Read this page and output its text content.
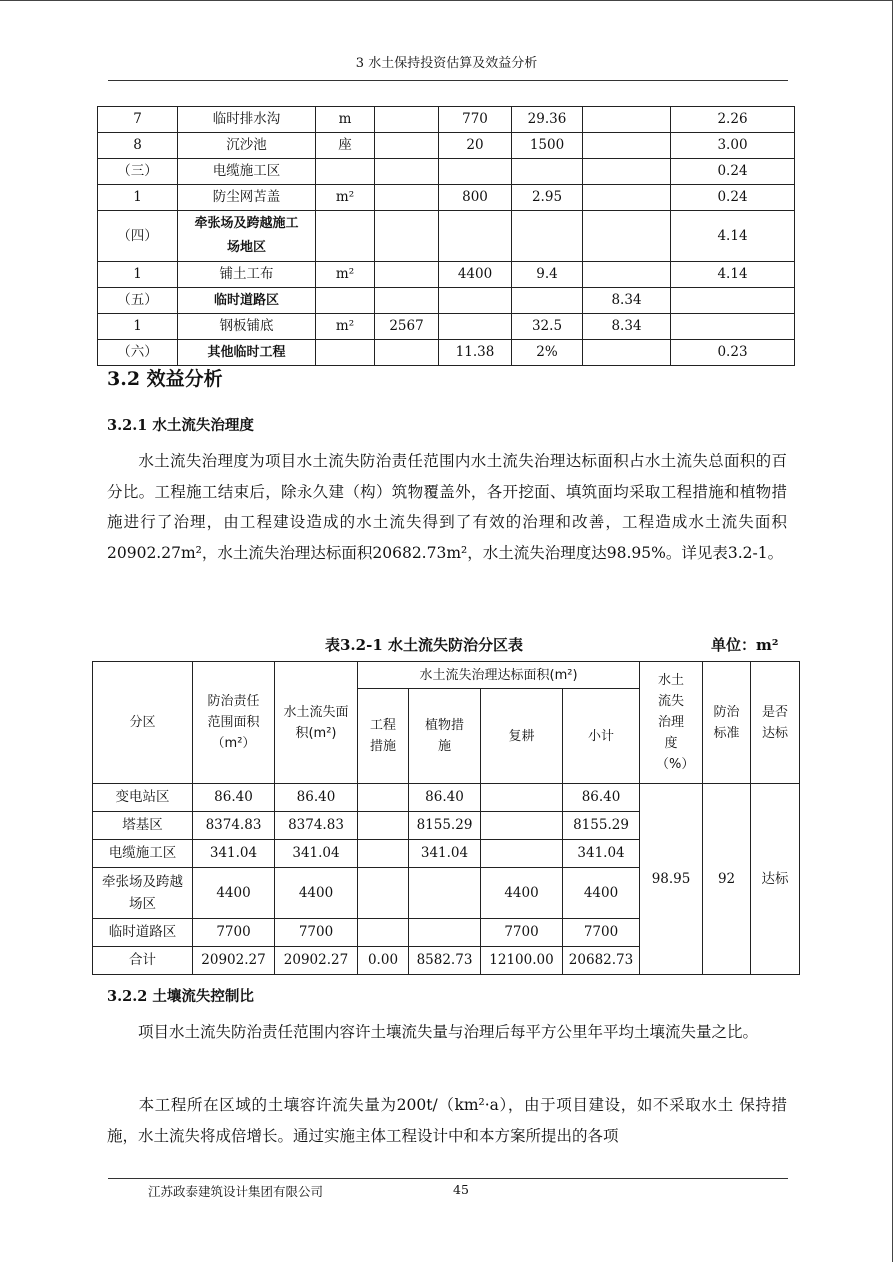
3 水土保持投资估算及效益分析
7	临时排水沟	m		770	29.36		2.26
8	沉沙池	座		20	1500		3.00
（三）	电缆施工区						0.24
1	防尘网苫盖	m²		800	2.95		0.24
（四）	牵张场及跨越施工场地区						4.14
1	铺土工布	m²		4400	9.4		4.14
（五）	临时道路区					8.34	
1	钢板铺底	m²	2567		32.5	8.34	
（六）	其他临时工程			11.38	2%		0.23
3.2 效益分析
3.2.1 水土流失治理度

水土流失治理度为项目水土流失防治责任范围内水土流失治理达标面积占水土流失总面积的百分比。工程施工结束后，除永久建（构）筑物覆盖外，各开挖面、填筑面均采取工程措施和植物措施进行了治理，由工程建设造成的水土流失得到了有效的治理和改善，工程造成水土流失面积20902.27m²，水土流失治理达标面积20682.73m²，水土流失治理度达98.95%。详见表3.2-1。

表3.2-1 水土流失防治分区表	单位：m²
分区	防治责任范围面积（m²）	水土流失面积(m²)	水土流失治理达标面积(m²)				水土流失治理度（%）	防治标准	是否达标
			工程措施	植物措施	复耕	小计			
变电站区	86.40	86.40		86.40		86.40	98.95	92	达标
塔基区	8374.83	8374.83		8155.29		8155.29			
电缆施工区	341.04	341.04		341.04		341.04			
牵张场及跨越场区	4400	4400			4400	4400			
临时道路区	7700	7700			7700	7700			
合计	20902.27	20902.27	0.00	8582.73	12100.00	20682.73			
3.2.2 土壤流失控制比

项目水土流失防治责任范围内容许土壤流失量与治理后每平方公里年平均土壤流失量之比。

本工程所在区域的土壤容许流失量为200t/（km²·a），由于项目建设，如不采取水土 保持措施，水土流失将成倍增长。通过实施主体工程设计中和本方案所提出的各项

江苏政泰建筑设计集团有限公司	45
